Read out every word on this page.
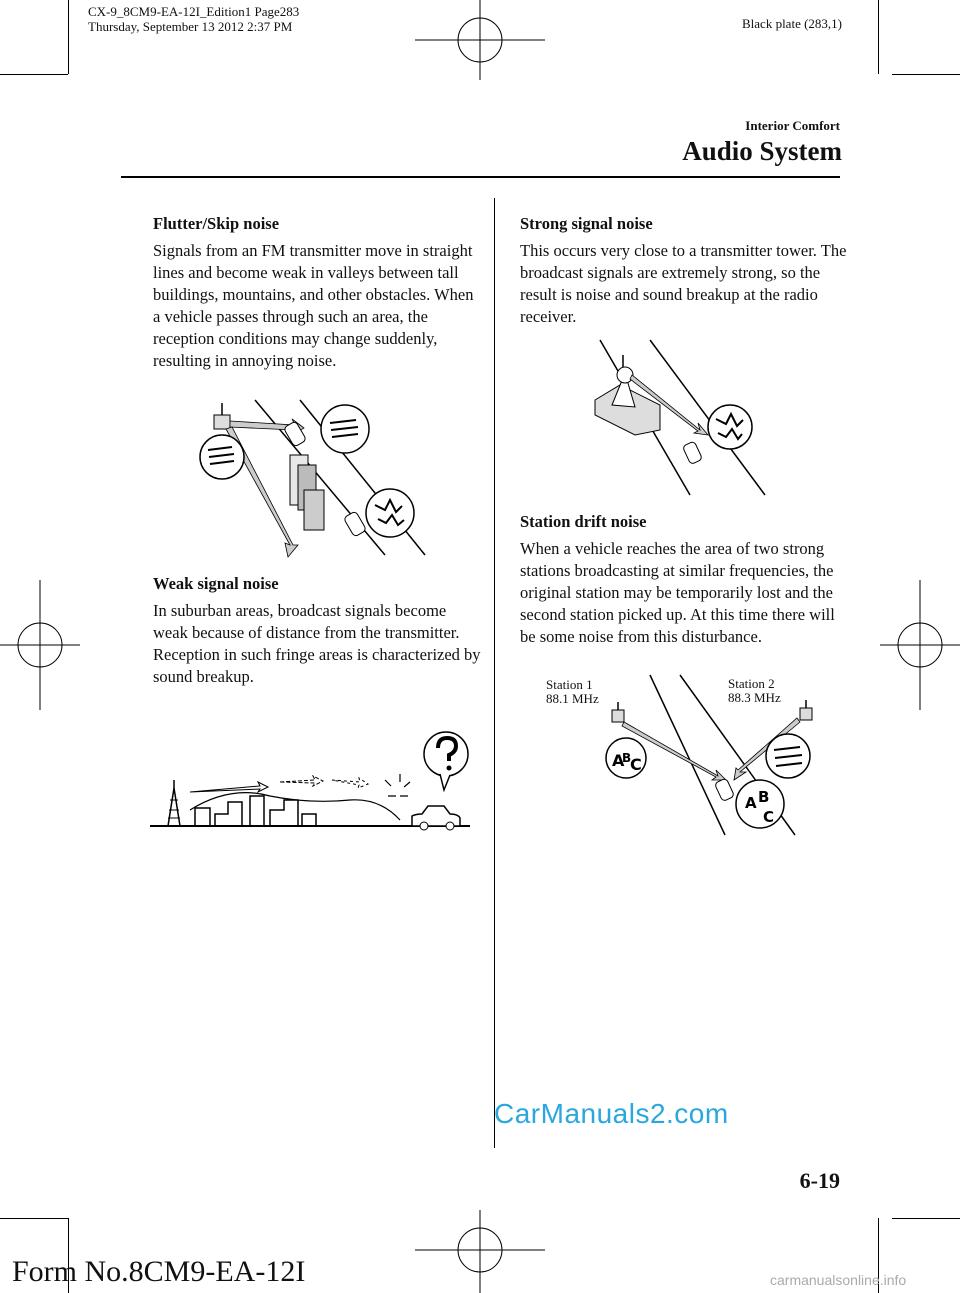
CX-9_8CM9-EA-12I_Edition1 Page283
Thursday, September 13 2012 2:37 PM	Black plate (283,1)
Interior Comfort
Audio System
Flutter/Skip noise

Signals from an FM transmitter move in straight lines and become weak in valleys between tall buildings, mountains, and other obstacles. When a vehicle passes through such an area, the reception conditions may change suddenly, resulting in annoying noise.

Weak signal noise

In suburban areas, broadcast signals become weak because of distance from the transmitter. Reception in such fringe areas is characterized by sound breakup.

Strong signal noise

This occurs very close to a transmitter tower. The broadcast signals are extremely strong, so the result is noise and sound breakup at the radio receiver.

Station drift noise

When a vehicle reaches the area of two strong stations broadcasting at similar frequencies, the original station may be temporarily lost and the second station picked up. At this time there will be some noise from this disturbance.

Station 1
88.1 MHz
Station 2
88.3 MHz
A
B
C
A B
C
CarManuals2.com
6-19
Form No.8CM9-EA-12I	carmanualsonline.info
